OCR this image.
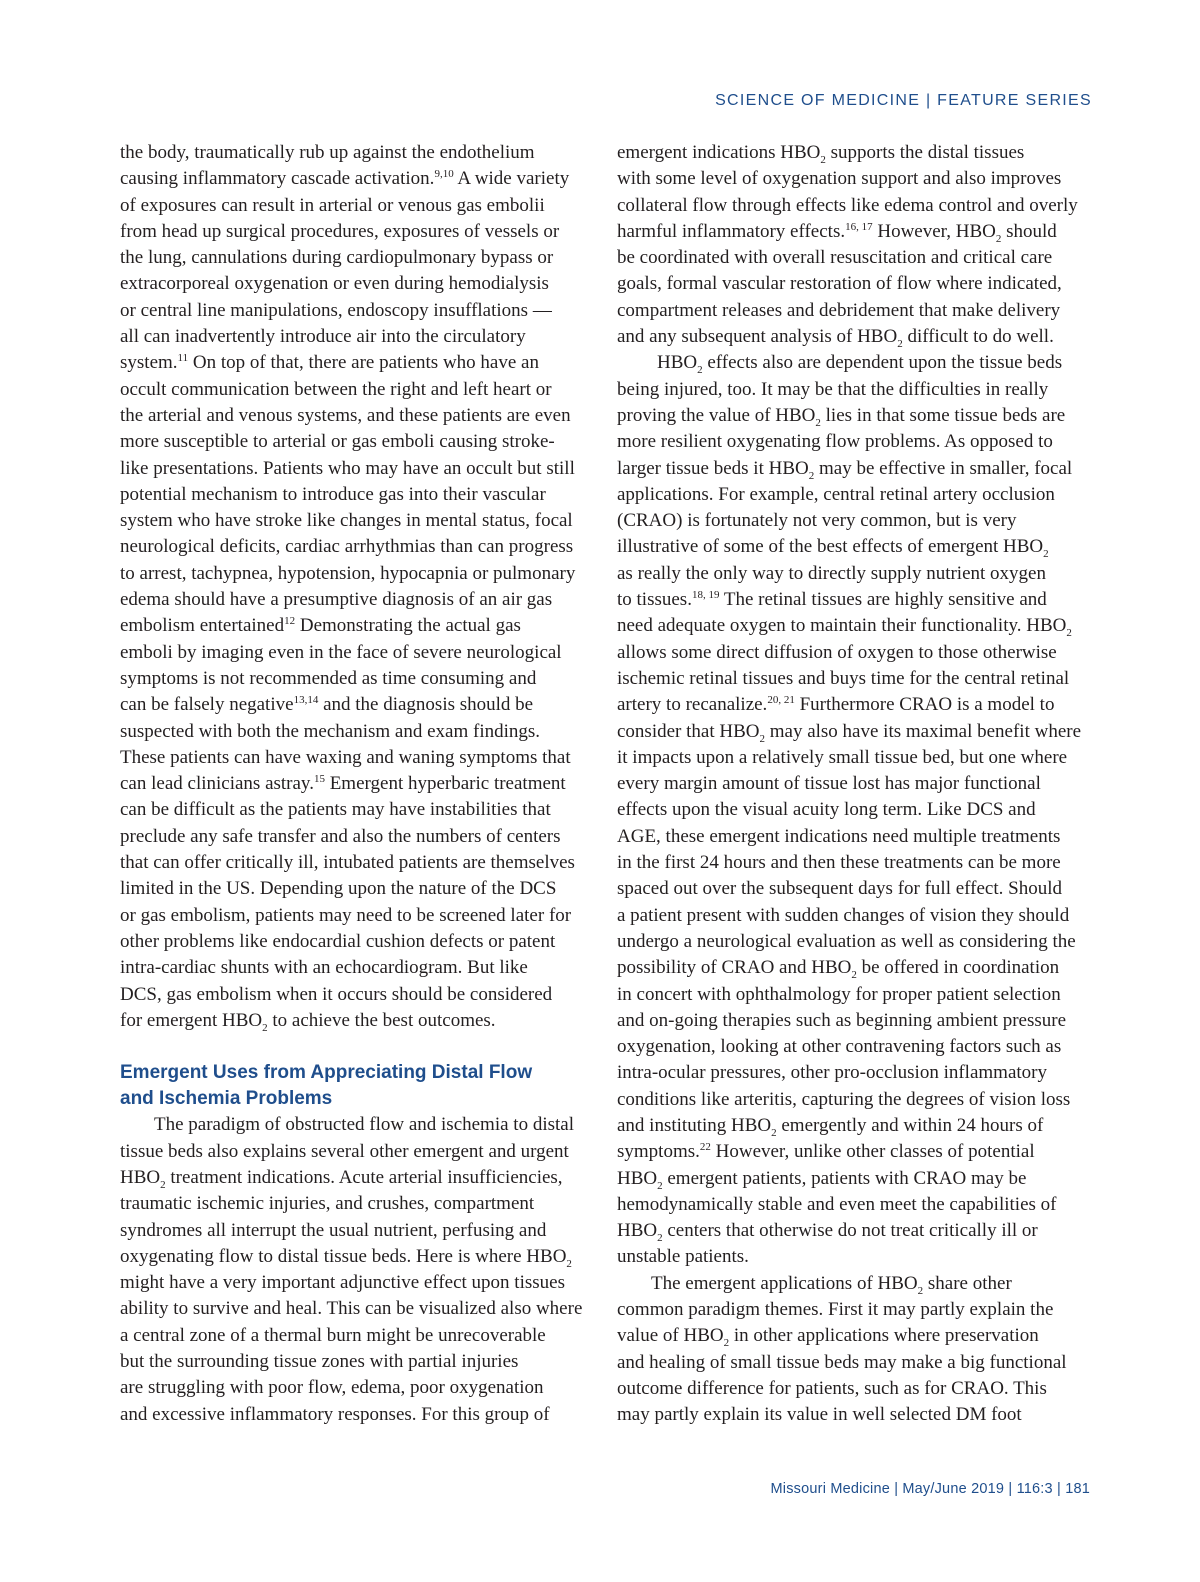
SCIENCE OF MEDICINE | FEATURE SERIES
the body, traumatically rub up against the endothelium
causing inflammatory cascade activation.$^{9,10}$ A wide variety
of exposures can result in arterial or venous gas embolii
from head up surgical procedures, exposures of vessels or
the lung, cannulations during cardiopulmonary bypass or
extracorporeal oxygenation or even during hemodialysis
or central line manipulations, endoscopy insufflations —
all can inadvertently introduce air into the circulatory
system.$^{11}$ On top of that, there are patients who have an
occult communication between the right and left heart or
the arterial and venous systems, and these patients are even
more susceptible to arterial or gas emboli causing stroke-
like presentations. Patients who may have an occult but still
potential mechanism to introduce gas into their vascular
system who have stroke like changes in mental status, focal
neurological deficits, cardiac arrhythmias than can progress
to arrest, tachypnea, hypotension, hypocapnia or pulmonary
edema should have a presumptive diagnosis of an air gas
embolism entertained$^{12}$ Demonstrating the actual gas
emboli by imaging even in the face of severe neurological
symptoms is not recommended as time consuming and
can be falsely negative$^{13,14}$ and the diagnosis should be
suspected with both the mechanism and exam findings.
These patients can have waxing and waning symptoms that
can lead clinicians astray.$^{15}$ Emergent hyperbaric treatment
can be difficult as the patients may have instabilities that
preclude any safe transfer and also the numbers of centers
that can offer critically ill, intubated patients are themselves
limited in the US. Depending upon the nature of the DCS
or gas embolism, patients may need to be screened later for
other problems like endocardial cushion defects or patent
intra-cardiac shunts with an echocardiogram. But like
DCS, gas embolism when it occurs should be considered
for emergent $HBO_2$ to achieve the best outcomes.
Emergent Uses from Appreciating Distal Flow
and Ischemia Problems
The paradigm of obstructed flow and ischemia to distal
tissue beds also explains several other emergent and urgent
$HBO_2$ treatment indications. Acute arterial insufficiencies,
traumatic ischemic injuries, and crushes, compartment
syndromes all interrupt the usual nutrient, perfusing and
oxygenating flow to distal tissue beds. Here is where $HBO_2$
might have a very important adjunctive effect upon tissues
ability to survive and heal. This can be visualized also where
a central zone of a thermal burn might be unrecoverable
but the surrounding tissue zones with partial injuries
are struggling with poor flow, edema, poor oxygenation
and excessive inflammatory responses. For this group of
emergent indications $HBO_2$ supports the distal tissues
with some level of oxygenation support and also improves
collateral flow through effects like edema control and overly
harmful inflammatory effects.$^{16, 17}$ However, $HBO_2$ should
be coordinated with overall resuscitation and critical care
goals, formal vascular restoration of flow where indicated,
compartment releases and debridement that make delivery
and any subsequent analysis of $HBO_2$ difficult to do well.
$HBO_2$ effects also are dependent upon the tissue beds
being injured, too. It may be that the difficulties in really
proving the value of $HBO_2$ lies in that some tissue beds are
more resilient oxygenating flow problems. As opposed to
larger tissue beds it $HBO_2$ may be effective in smaller, focal
applications. For example, central retinal artery occlusion
(CRAO) is fortunately not very common, but is very
illustrative of some of the best effects of emergent $HBO_2$
as really the only way to directly supply nutrient oxygen
to tissues.$^{18, 19}$ The retinal tissues are highly sensitive and
need adequate oxygen to maintain their functionality. $HBO_2$
allows some direct diffusion of oxygen to those otherwise
ischemic retinal tissues and buys time for the central retinal
artery to recanalize.$^{20, 21}$ Furthermore CRAO is a model to
consider that $HBO_2$ may also have its maximal benefit where
it impacts upon a relatively small tissue bed, but one where
every margin amount of tissue lost has major functional
effects upon the visual acuity long term. Like DCS and
AGE, these emergent indications need multiple treatments
in the first 24 hours and then these treatments can be more
spaced out over the subsequent days for full effect. Should
a patient present with sudden changes of vision they should
undergo a neurological evaluation as well as considering the
possibility of CRAO and $HBO_2$ be offered in coordination
in concert with ophthalmology for proper patient selection
and on-going therapies such as beginning ambient pressure
oxygenation, looking at other contravening factors such as
intra-ocular pressures, other pro-occlusion inflammatory
conditions like arteritis, capturing the degrees of vision loss
and instituting $HBO_2$ emergently and within 24 hours of
symptoms.$^{22}$ However, unlike other classes of potential
$HBO_2$ emergent patients, patients with CRAO may be
hemodynamically stable and even meet the capabilities of
$HBO_2$ centers that otherwise do not treat critically ill or
unstable patients.
The emergent applications of $HBO_2$ share other
common paradigm themes. First it may partly explain the
value of $HBO_2$ in other applications where preservation
and healing of small tissue beds may make a big functional
outcome difference for patients, such as for CRAO. This
may partly explain its value in well selected DM foot
Missouri Medicine | May/June 2019 | 116:3 | 181
